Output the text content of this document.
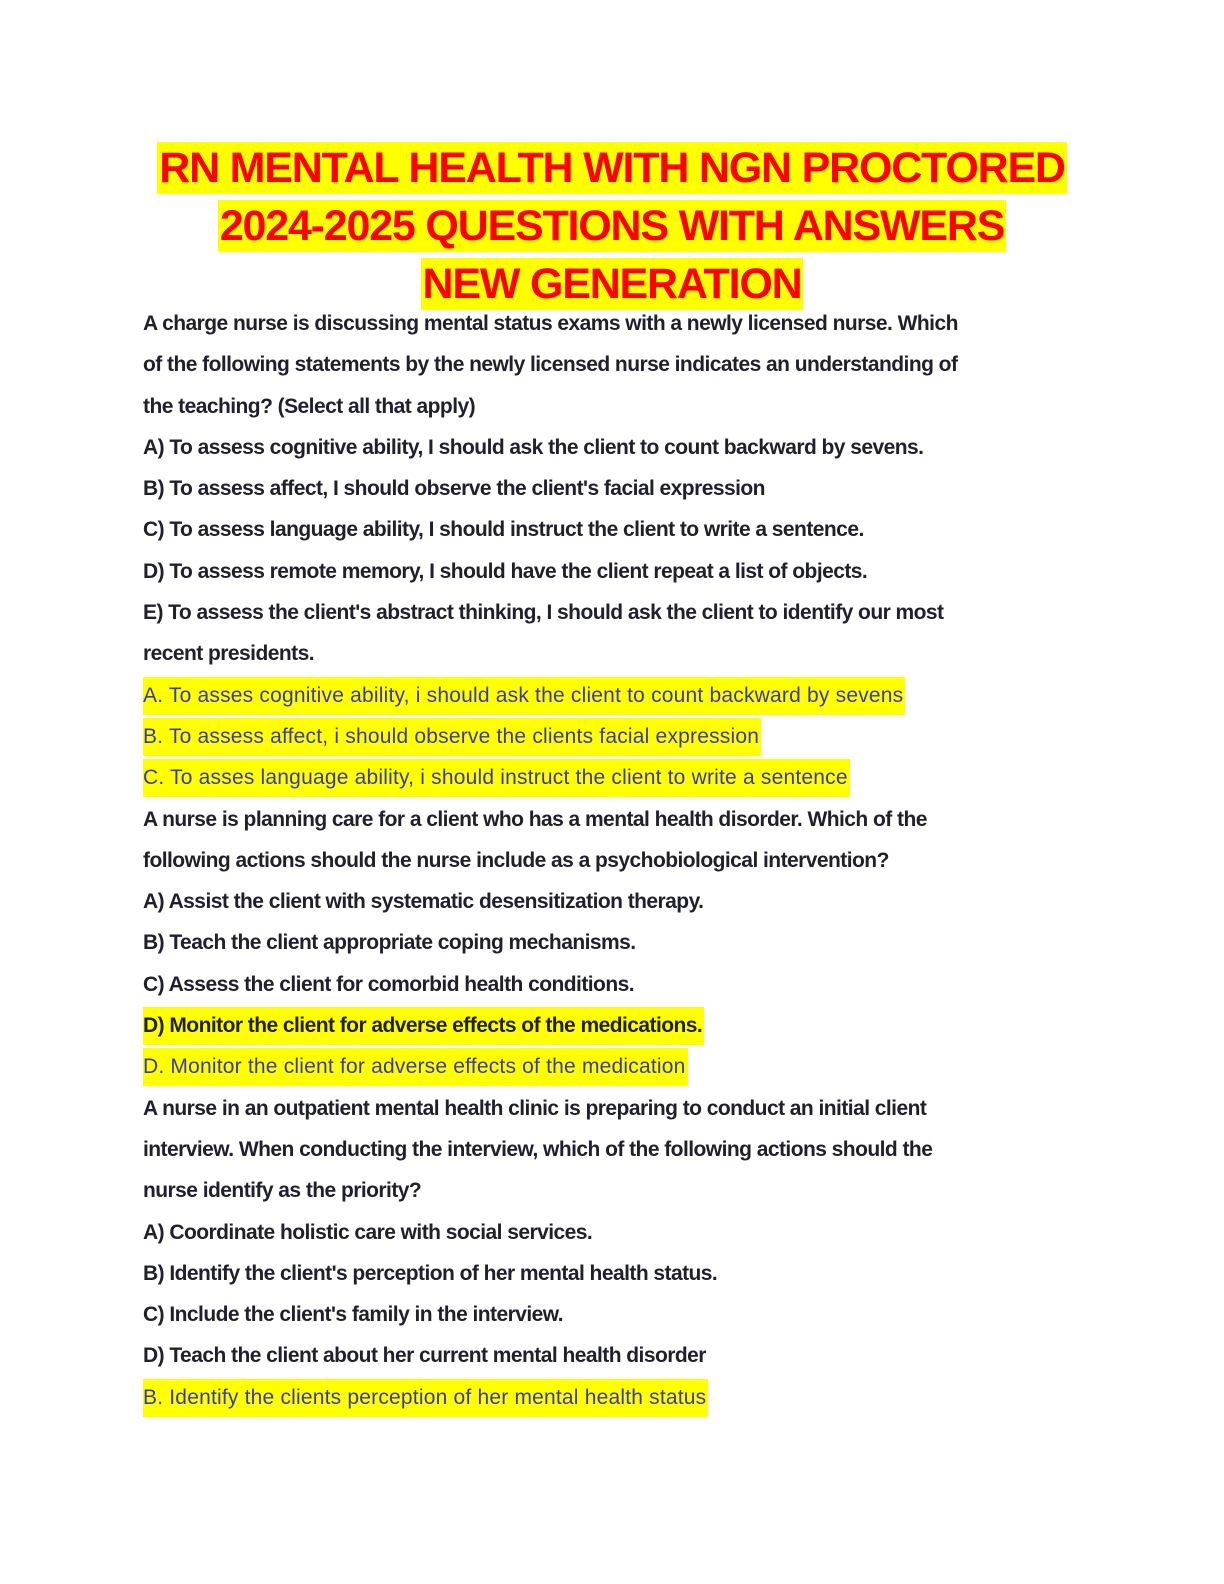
RN MENTAL HEALTH WITH NGN PROCTORED
2024-2025 QUESTIONS WITH ANSWERS
NEW GENERATION
A charge nurse is discussing mental status exams with a newly licensed nurse. Which
of the following statements by the newly licensed nurse indicates an understanding of
the teaching? (Select all that apply)
A) To assess cognitive ability, I should ask the client to count backward by sevens.
B) To assess affect, I should observe the client's facial expression
C) To assess language ability, I should instruct the client to write a sentence.
D) To assess remote memory, I should have the client repeat a list of objects.
E) To assess the client's abstract thinking, I should ask the client to identify our most
recent presidents.
A. To asses cognitive ability, i should ask the client to count backward by sevens
B. To assess affect, i should observe the clients facial expression
C. To asses language ability, i should instruct the client to write a sentence
A nurse is planning care for a client who has a mental health disorder. Which of the
following actions should the nurse include as a psychobiological intervention?
A) Assist the client with systematic desensitization therapy.
B) Teach the client appropriate coping mechanisms.
C) Assess the client for comorbid health conditions.
D) Monitor the client for adverse effects of the medications.
D. Monitor the client for adverse effects of the medication
A nurse in an outpatient mental health clinic is preparing to conduct an initial client
interview. When conducting the interview, which of the following actions should the
nurse identify as the priority?
A) Coordinate holistic care with social services.
B) Identify the client's perception of her mental health status.
C) Include the client's family in the interview.
D) Teach the client about her current mental health disorder
B. Identify the clients perception of her mental health status
